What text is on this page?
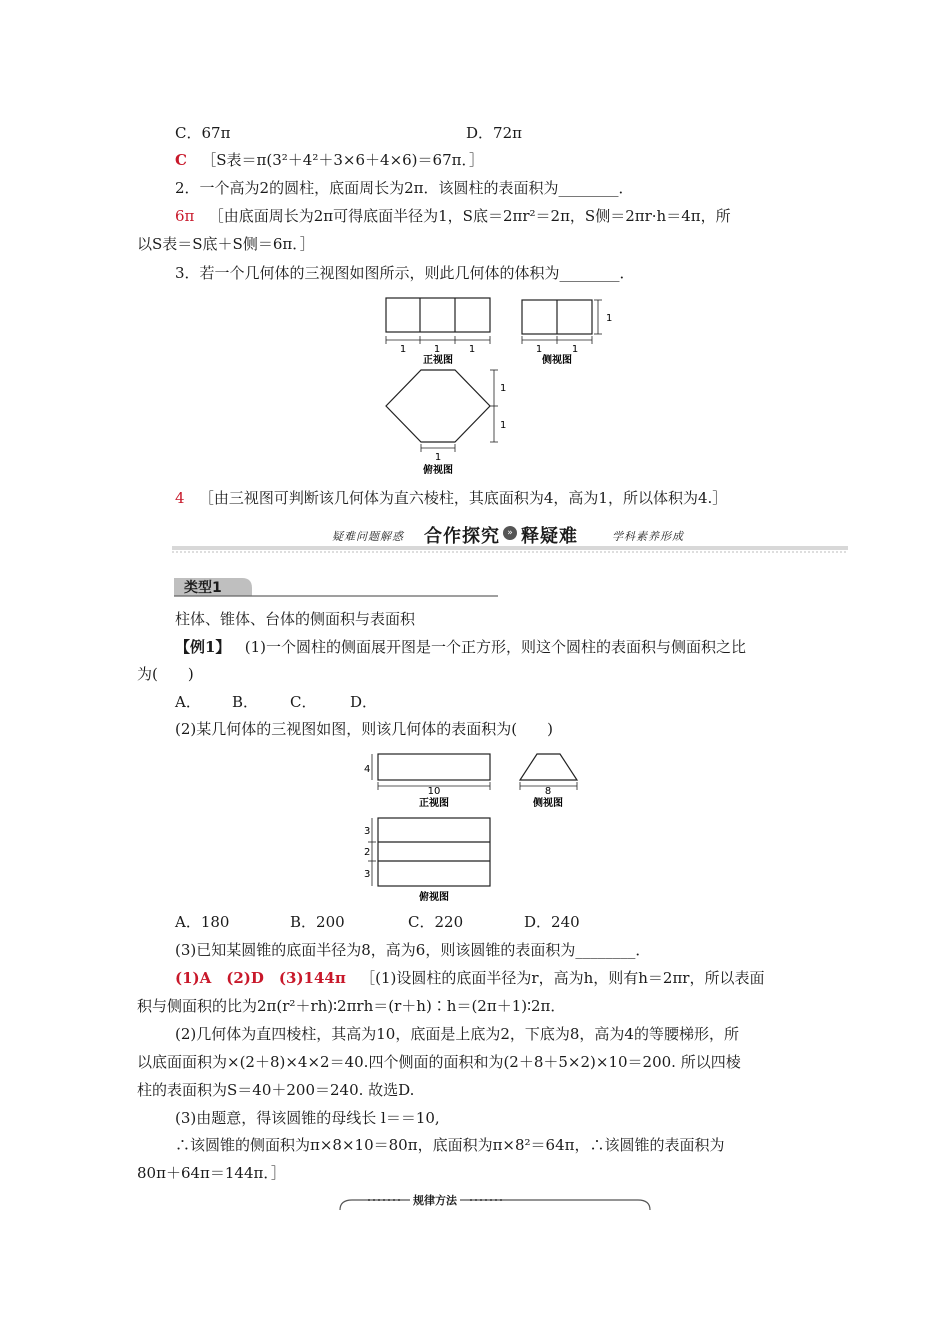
C．67π	D．72π
C ［S表＝π(3²＋4²＋3×6＋4×6)＝67π．］
2．一个高为2的圆柱，底面周长为2π．该圆柱的表面积为________．
6π ［由底面周长为2π可得底面半径为1，S底＝2πr²＝2π，S侧＝2πr·h＝4π，所
以S表＝S底＋S侧＝6π．］
3．若一个几何体的三视图如图所示，则此几何体的体积为________．
1	1	1
正视图
1	1
1
侧视图
1
1
1
俯视图
4 ［由三视图可判断该几何体为直六棱柱，其底面积为4，高为1，所以体积为4.］
疑难问题解惑 合作探究 » 释疑难	学科素养形成
类型1
柱体、锥体、台体的侧面积与表面积
【例1】 (1)一个圆柱的侧面展开图是一个正方形，则这个圆柱的表面积与侧面积之比
为(　　)
A． B． C． D．
(2)某几何体的三视图如图，则该几何体的表面积为(　　)
4
10
正视图
8
侧视图
3
2
3
俯视图
A．180	B．200	C．220	D．240
(3)已知某圆锥的底面半径为8，高为6，则该圆锥的表面积为________．
(1)A　(2)D　(3)144π ［(1)设圆柱的底面半径为r，高为h，则有h＝2πr，所以表面
积与侧面积的比为2π(r²＋rh)∶2πrh＝(r＋h)∶h＝(2π＋1)∶2π．
(2)几何体为直四棱柱，其高为10，底面是上底为2，下底为8，高为4的等腰梯形，所
以底面面积为×(2＋8)×4×2＝40.四个侧面的面积和为(2＋8＋5×2)×10＝200. 所以四棱
柱的表面积为S＝40＋200＝240. 故选D.
(3)由题意，得该圆锥的母线长 l＝＝10,
∴该圆锥的侧面积为π×8×10＝80π，底面积为π×8²＝64π，∴该圆锥的表面积为
80π＋64π＝144π．］
规律方法
